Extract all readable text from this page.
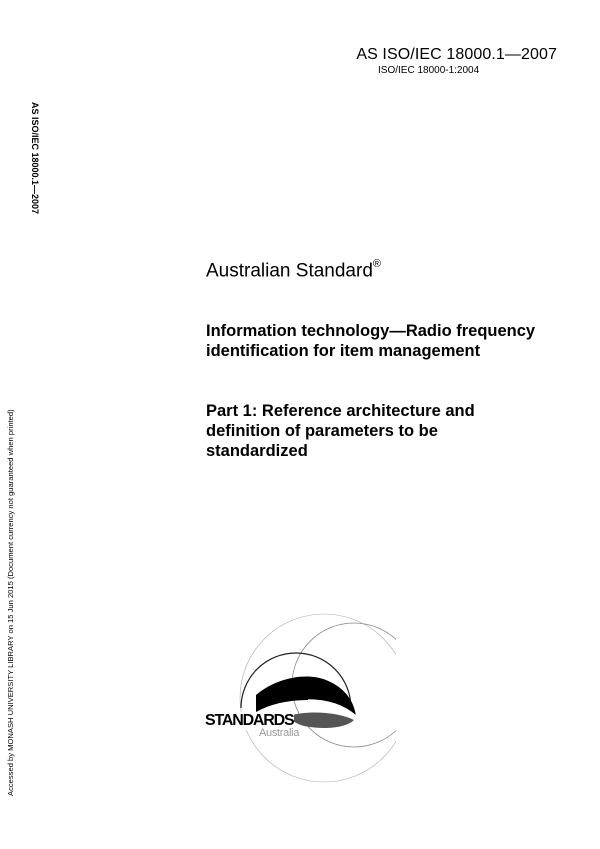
AS ISO/IEC 18000.1—2007
ISO/IEC 18000-1:2004
AS ISO/IEC 18000.1—2007
Accessed by MONASH UNIVERSITY LIBRARY on 15 Jun 2015 (Document currency not guaranteed when printed)
Australian Standard®
Information technology—Radio frequency identification for item management
Part 1: Reference architecture and definition of parameters to be standardized
STANDARDS
Australia
